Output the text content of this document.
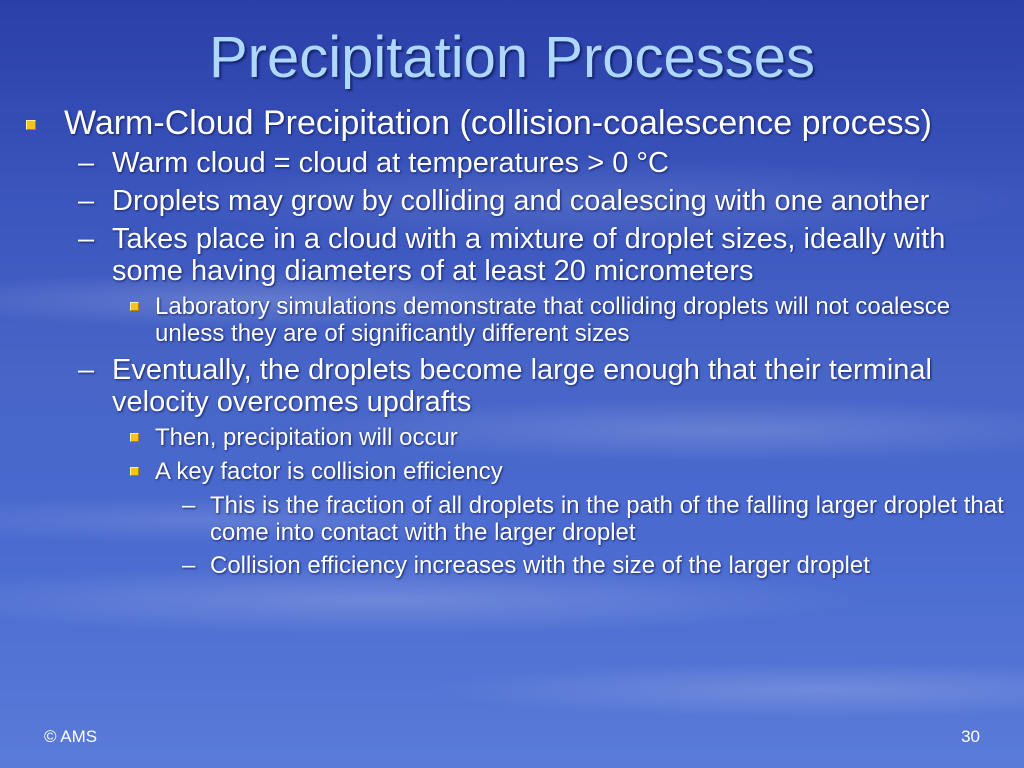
Precipitation Processes
Warm-Cloud Precipitation (collision-coalescence process)
– Warm cloud = cloud at temperatures > 0 °C
– Droplets may grow by colliding and coalescing with one another
– Takes place in a cloud with a mixture of droplet sizes, ideally with some having diameters of at least 20 micrometers
Laboratory simulations demonstrate that colliding droplets will not coalesce unless they are of significantly different sizes
– Eventually, the droplets become large enough that their terminal velocity overcomes updrafts
Then, precipitation will occur
A key factor is collision efficiency
– This is the fraction of all droplets in the path of the falling larger droplet that come into contact with the larger droplet
– Collision efficiency increases with the size of the larger droplet
© AMS	30
